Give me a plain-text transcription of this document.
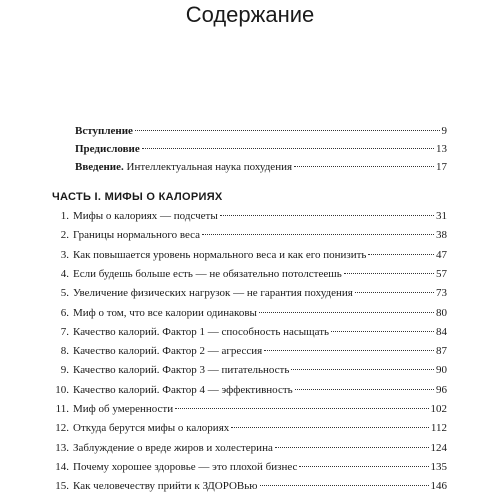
Содержание
Вступление	9
Предисловие	13
Введение. Интеллектуальная наука похудения	17
ЧАСТЬ I. МИФЫ О КАЛОРИЯХ
1. Мифы о калориях — подсчеты	31
2. Границы нормального веса	38
3. Как повышается уровень нормального веса и как его понизить	47
4. Если будешь больше есть — не обязательно потолстеешь	57
5. Увеличение физических нагрузок — не гарантия похудения	73
6. Миф о том, что все калории одинаковы	80
7. Качество калорий. Фактор 1 — способность насыщать	84
8. Качество калорий. Фактор 2 — агрессия	87
9. Качество калорий. Фактор 3 — питательность	90
10. Качество калорий. Фактор 4 — эффективность	96
11. Миф об умеренности	102
12. Откуда берутся мифы о калориях	112
13. Заблуждение о вреде жиров и холестерина	124
14. Почему хорошее здоровье — это плохой бизнес	135
15. Как человечеству прийти к ЗДОРОВью	146
